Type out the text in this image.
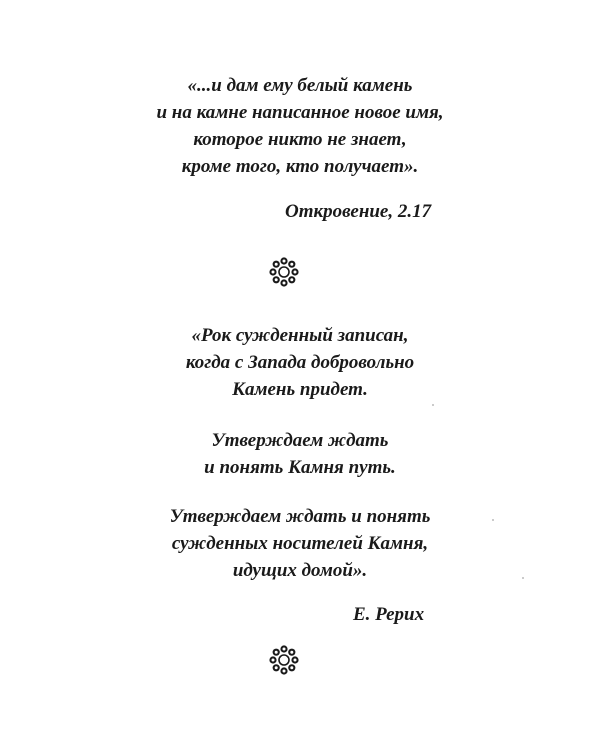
«...и дам ему белый камень
и на камне написанное новое имя,
которое никто не знает,
кроме того, кто получает».
Откровение, 2.17
«Рок сужденный записан,
когда с Запада добровольно
Камень придет.
Утверждаем ждать
и понять Камня путь.
Утверждаем ждать и понять
сужденных носителей Камня,
идущих домой».
Е. Рерих
